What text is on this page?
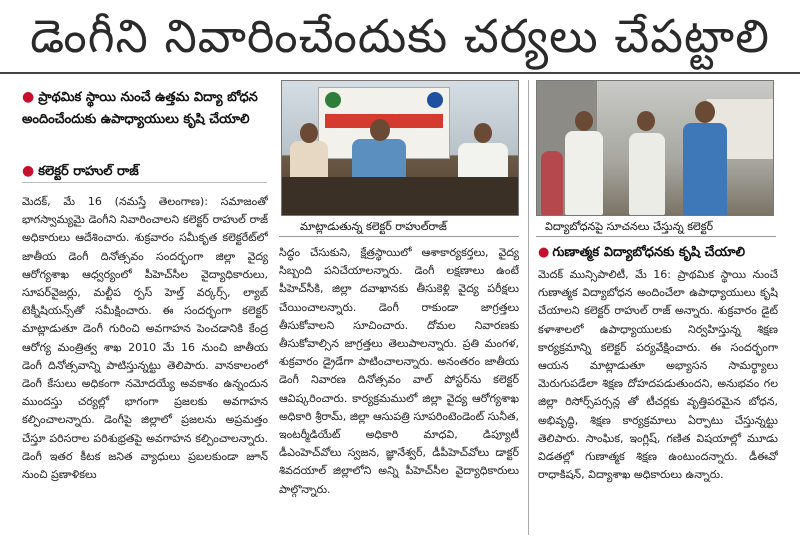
డెంగీని నివారించేందుకు చర్యలు చేపట్టాలి
● ప్రాథమిక స్థాయి నుంచే ఉత్తమ విద్యా బోధన అందించేందుకు ఉపాధ్యాయులు కృషి చేయాలి
● కలెక్టర్ రాహుల్ రాజ్
మెదక్, మే 16 (నమస్తే తెలంగాణ): సమాజంతో భాగస్వామ్యమై డెంగీని నివారించాలని కలెక్టర్ రాహుల్ రాజ్ అధికారులు ఆదేశించారు. శుక్రవారం సమీకృత కలెక్టరేట్‌లో జాతీయ డెంగీ దినోత్సవం సందర్భంగా జిల్లా వైద్య ఆరోగ్యశాఖ ఆధ్వర్యంలో పీహెచ్‌సీల వైద్యాధికారులు, సూపర్‌వైజర్లు, మల్టీప ర్పస్ హెల్త్ వర్కర్స్, ల్యాబ్ టెక్నీషియన్స్‌తో సమీక్షించారు. ఈ సందర్భంగా కలెక్టర్ మాట్లాడుతూ డెంగీ గురించి అవగాహన పెంచడానికి కేంద్ర ఆరోగ్య మంత్రిత్వ శాఖ 2010 మే 16 నుంచి జాతీయ డెంగీ దినోత్సవాన్ని పాటిస్తున్నట్టు తెలిపారు. వానకాలంలో డెంగీ కేసులు అధికంగా నమోదయ్యే అవకాశం ఉన్నందున ముందస్తు చర్యల్లో భాగంగా ప్రజలకు అవగాహన కల్పించాలన్నారు. డెంగీపై జిల్లాలో ప్రజలను అప్రమత్తం చేస్తూ పరిసరాల పరిశుభ్రతపై అవగాహన కల్పించాలన్నారు. డెంగీ ఇతర కీటక జనిత వ్యాధులు ప్రబలకుండా జూన్ నుంచి ప్రణాళికలు
సిద్ధం చేసుకుని, క్షేత్రస్థాయిలో ఆశాకార్యకర్తలు, వైద్య సిబ్బంది పనిచేయాలన్నారు. డెంగీ లక్షణాలు ఉంటే పీహెచ్‌సీకి, జిల్లా దవాఖానకు తీసుకెళ్లి వైద్య పరీక్షలు చేయించాలన్నారు. డెంగీ రాకుండా జాగ్రత్తలు తీసుకోవాలని సూచించారు. దోమల నివారణకు తీసుకోవాల్సిన జాగ్రత్తలు తెలుపాలన్నారు. ప్రతి మంగళ, శుక్రవారం డ్రైడేగా పాటించాలన్నారు. అనంతరం జాతీయ డెంగీ నివారణ దినోత్సవం వాల్ పోస్టర్‌ను కలెక్టర్ ఆవిష్కరించారు. కార్యక్రమములో జిల్లా వైద్య ఆరోగ్యశాఖ అధికారి శ్రీరామ్, జిల్లా ఆసుపత్రి సూపరింటెండెంట్ సునీత, ఇంటర్మీడియేట్ అధికారి మాధవి, డిప్యూటీ డీఎంహెచ్‌వోలు స్వజన, జ్ఞానేశ్వర్, డీపీహెచ్‌వోలు డాక్టర్ శివదయాల్ జిల్లాలోని అన్ని పీహెచ్‌సీల వైద్యాధికారులు పాల్గొన్నారు.
మాట్లాడుతున్న కలెక్టర్ రాహుల్‌రాజ్	విద్యాబోధనపై సూచనలు చేస్తున్న కలెక్టర్
● గుణాత్మక విద్యాబోధనకు కృషి చేయాలి
మెదక్ మున్సిపాలిటీ, మే 16: ప్రాథమిక స్థాయి నుంచే గుణాత్మక విద్యాబోధన అందించేలా ఉపాధ్యాయులు కృషి చేయాలని కలెక్టర్ రాహుల్ రాజ్ అన్నారు. శుక్రవారం డైట్ కళాశాలలో ఉపాధ్యాయులకు నిర్వహిస్తున్న శిక్షణ కార్యక్రమాన్ని కలెక్టర్ పర్యవేక్షించారు. ఈ సందర్భంగా ఆయన మాట్లాడుతూ అభ్యాసన సామర్థ్యాలు మెరుగుపడేలా శిక్షణ దోహదపడుతుందని, అనుభవం గల జిల్లా రిసోర్స్‌పర్సన్ల తో టీచర్లకు వృత్తిపరమైన బోధన, అభివృద్ధి, శిక్షణ కార్యక్రమాలు ఏర్పాటు చేస్తున్నట్టు తెలిపారు. సాంఘిక, ఇంగ్లిష్, గణిత విషయాల్లో మూడు విడతల్లో గుణాత్మక శిక్షణ ఉంటుందన్నారు. డీఈవో రాధాకిషన్, విద్యాశాఖ అధికారులు ఉన్నారు.
